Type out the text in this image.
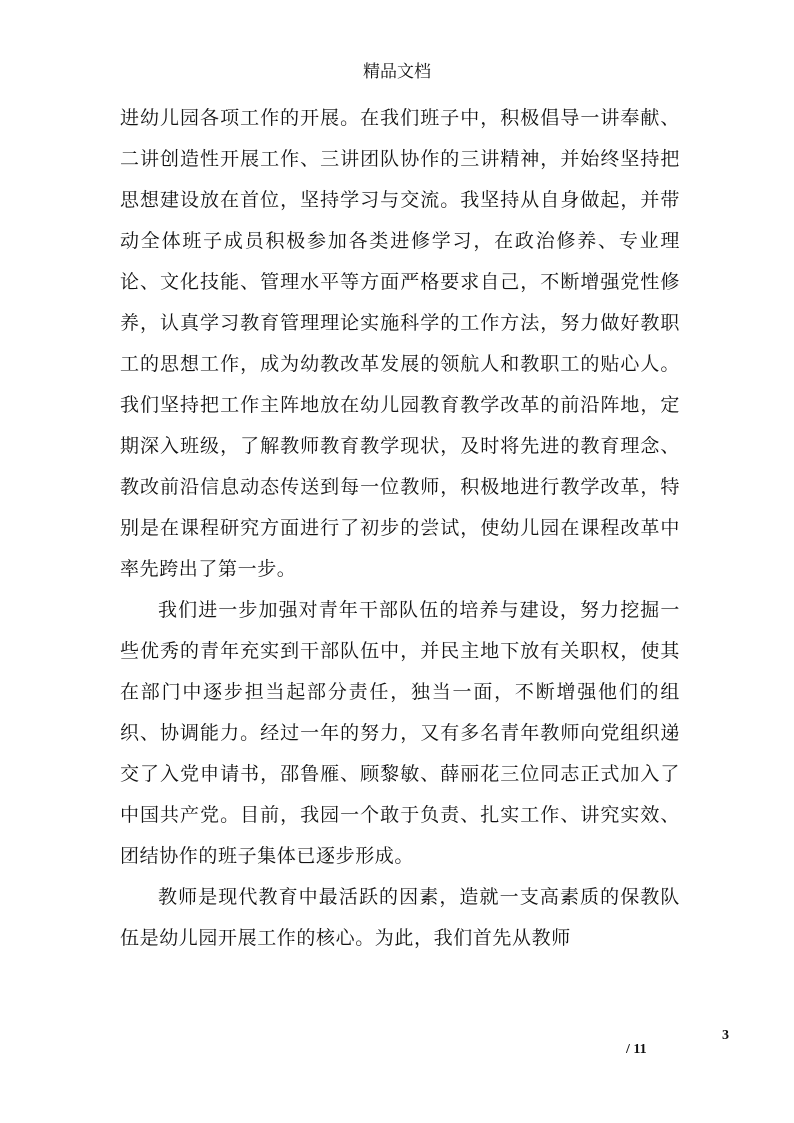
精品文档

进幼儿园各项工作的开展。在我们班子中，积极倡导一讲奉献、二讲创造性开展工作、三讲团队协作的三讲精神，并始终坚持把思想建设放在首位，坚持学习与交流。我坚持从自身做起，并带动全体班子成员积极参加各类进修学习，在政治修养、专业理论、文化技能、管理水平等方面严格要求自己，不断增强党性修养，认真学习教育管理理论实施科学的工作方法，努力做好教职工的思想工作，成为幼教改革发展的领航人和教职工的贴心人。我们坚持把工作主阵地放在幼儿园教育教学改革的前沿阵地，定期深入班级，了解教师教育教学现状，及时将先进的教育理念、教改前沿信息动态传送到每一位教师，积极地进行教学改革，特别是在课程研究方面进行了初步的尝试，使幼儿园在课程改革中率先跨出了第一步。

我们进一步加强对青年干部队伍的培养与建设，努力挖掘一些优秀的青年充实到干部队伍中，并民主地下放有关职权，使其在部门中逐步担当起部分责任，独当一面，不断增强他们的组织、协调能力。经过一年的努力，又有多名青年教师向党组织递交了入党申请书，邵鲁雁、顾黎敏、薛丽花三位同志正式加入了中国共产党。目前，我园一个敢于负责、扎实工作、讲究实效、团结协作的班子集体已逐步形成。

教师是现代教育中最活跃的因素，造就一支高素质的保教队伍是幼儿园开展工作的核心。为此，我们首先从教师

3
/ 11
